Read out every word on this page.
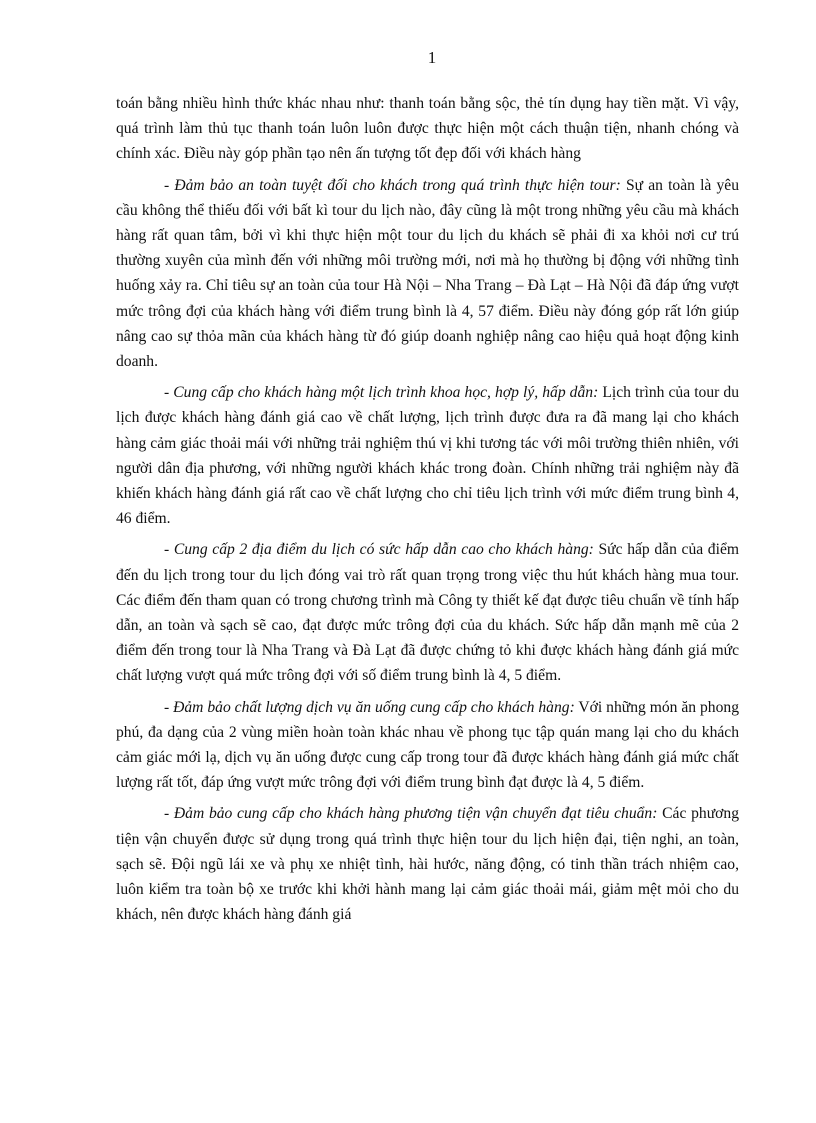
1

toán bằng nhiều hình thức khác nhau như: thanh toán bằng sộc, thẻ tín dụng hay tiền mặt. Vì vậy, quá trình làm thủ tục thanh toán luôn luôn được thực hiện một cách thuận tiện, nhanh chóng và chính xác. Điều này góp phần tạo nên ấn tượng tốt đẹp đối với khách hàng

- Đảm bảo an toàn tuyệt đối cho khách trong quá trình thực hiện tour: Sự an toàn là yêu cầu không thể thiếu đối với bất kì tour du lịch nào, đây cũng là một trong những yêu cầu mà khách hàng rất quan tâm, bởi vì khi thực hiện một tour du lịch du khách sẽ phải đi xa khỏi nơi cư trú thường xuyên của mình đến với những môi trường mới, nơi mà họ thường bị động với những tình huống xảy ra. Chỉ tiêu sự an toàn của tour Hà Nội – Nha Trang – Đà Lạt – Hà Nội đã đáp ứng vượt mức trông đợi của khách hàng với điểm trung bình là 4, 57 điểm. Điều này đóng góp rất lớn giúp nâng cao sự thỏa mãn của khách hàng từ đó giúp doanh nghiệp nâng cao hiệu quả hoạt động kinh doanh.

- Cung cấp cho khách hàng một lịch trình khoa học, hợp lý, hấp dẫn: Lịch trình của tour du lịch được khách hàng đánh giá cao về chất lượng, lịch trình được đưa ra đã mang lại cho khách hàng cảm giác thoải mái với những trải nghiệm thú vị khi tương tác với môi trường thiên nhiên, với người dân địa phương, với những người khách khác trong đoàn. Chính những trải nghiệm này đã khiến khách hàng đánh giá rất cao về chất lượng cho chỉ tiêu lịch trình với mức điểm trung bình 4, 46 điểm.

- Cung cấp 2 địa điểm du lịch có sức hấp dẫn cao cho khách hàng: Sức hấp dẫn của điểm đến du lịch trong tour du lịch đóng vai trò rất quan trọng trong việc thu hút khách hàng mua tour. Các điểm đến tham quan có trong chương trình mà Công ty thiết kế đạt được tiêu chuẩn về tính hấp dẫn, an toàn và sạch sẽ cao, đạt được mức trông đợi của du khách. Sức hấp dẫn mạnh mẽ của 2 điểm đến trong tour là Nha Trang và Đà Lạt đã được chứng tỏ khi được khách hàng đánh giá mức chất lượng vượt quá mức trông đợi với số điểm trung bình là 4, 5 điểm.

- Đảm bảo chất lượng dịch vụ ăn uống cung cấp cho khách hàng: Với những món ăn phong phú, đa dạng của 2 vùng miền hoàn toàn khác nhau về phong tục tập quán mang lại cho du khách cảm giác mới lạ, dịch vụ ăn uống được cung cấp trong tour đã được khách hàng đánh giá mức chất lượng rất tốt, đáp ứng vượt mức trông đợi với điểm trung bình đạt được là 4, 5 điểm.

- Đảm bảo cung cấp cho khách hàng phương tiện vận chuyển đạt tiêu chuẩn: Các phương tiện vận chuyển được sử dụng trong quá trình thực hiện tour du lịch hiện đại, tiện nghi, an toàn, sạch sẽ. Đội ngũ lái xe và phụ xe nhiệt tình, hài hước, năng động, có tinh thần trách nhiệm cao, luôn kiểm tra toàn bộ xe trước khi khởi hành mang lại cảm giác thoải mái, giảm mệt mỏi cho du khách, nên được khách hàng đánh giá
